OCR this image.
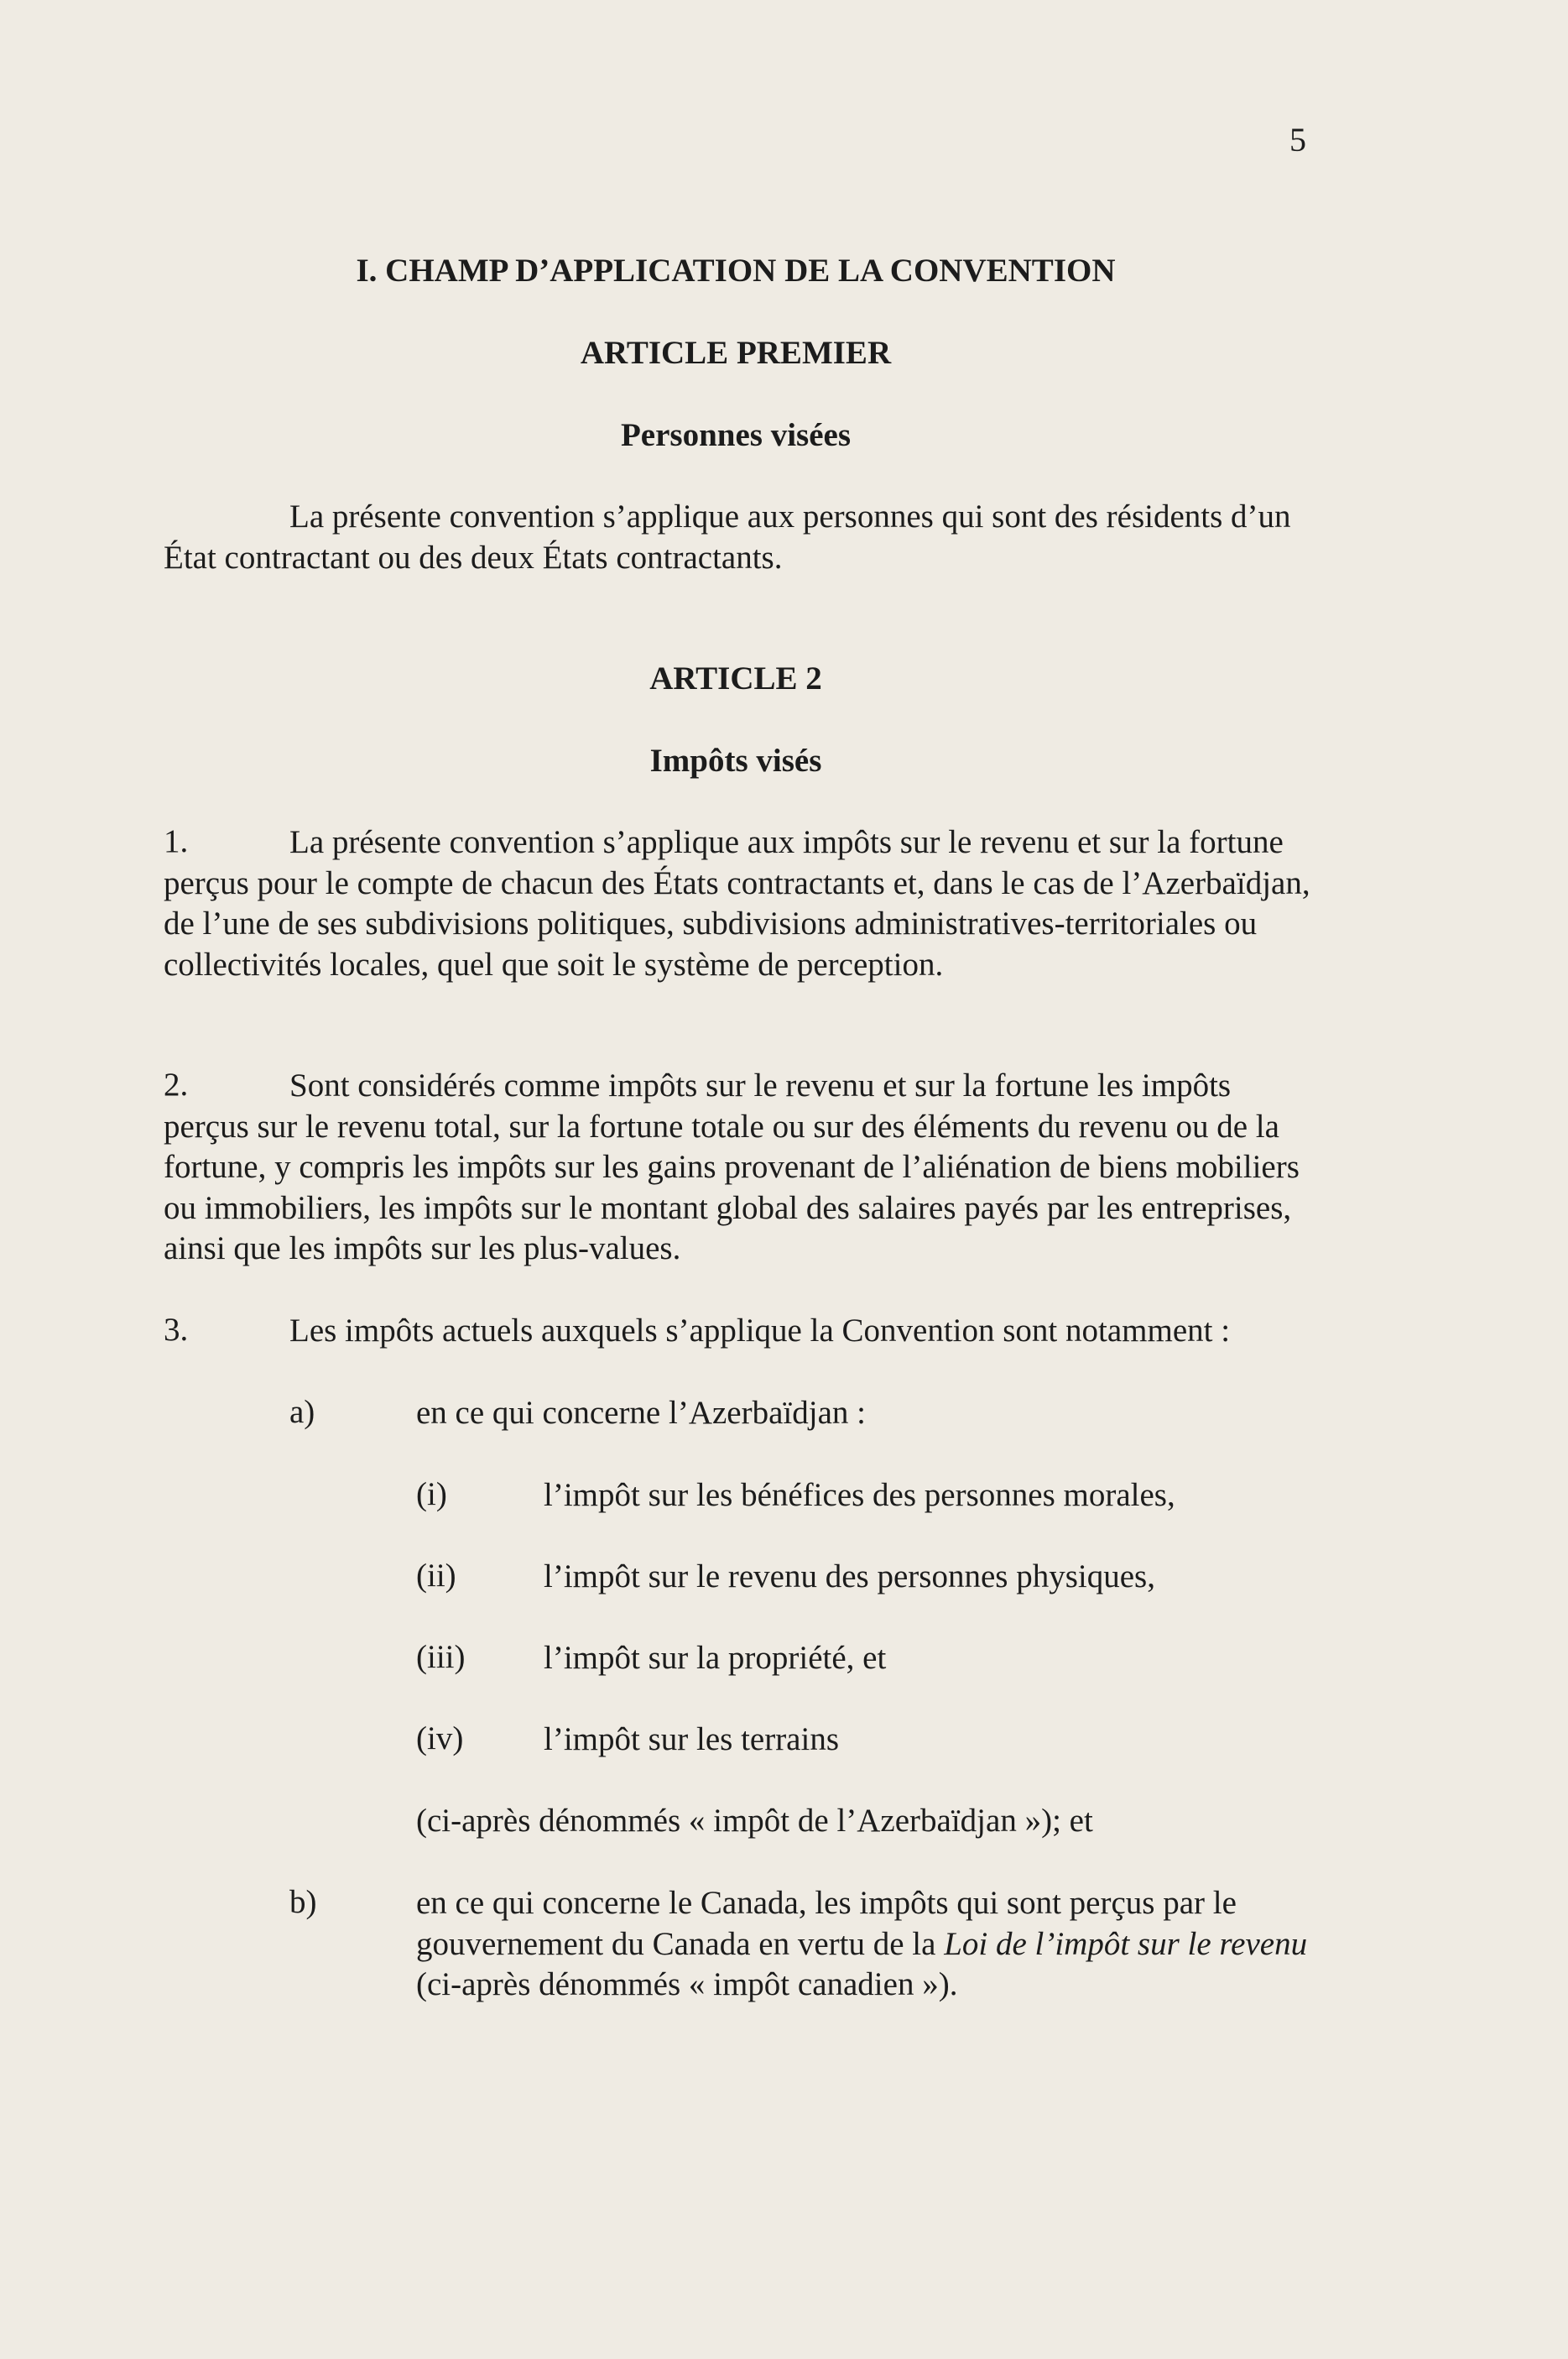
5
I. CHAMP D’APPLICATION DE LA CONVENTION
ARTICLE PREMIER
Personnes visées
La présente convention s’applique aux personnes qui sont des résidents d’un État contractant ou des deux États contractants.
ARTICLE 2
Impôts visés
La présente convention s’applique aux impôts sur le revenu et sur la fortune perçus pour le compte de chacun des États contractants et, dans le cas de l’Azerbaïdjan, de l’une de ses subdivisions politiques, subdivisions administratives-territoriales ou collectivités locales, quel que soit le système de perception.
1.
Sont considérés comme impôts sur le revenu et sur la fortune les impôts perçus sur le revenu total, sur la fortune totale ou sur des éléments du revenu ou de la fortune, y compris les impôts sur les gains provenant de l’aliénation de biens mobiliers ou immobiliers, les impôts sur le montant global des salaires payés par les entreprises, ainsi que les impôts sur les plus-values.
2.
Les impôts actuels auxquels s’applique la Convention sont notamment :
3.
a)	en ce qui concerne l’Azerbaïdjan :
(i)	l’impôt sur les bénéfices des personnes morales,
(ii)	l’impôt sur le revenu des personnes physiques,
(iii) l’impôt sur la propriété, et
(iv) l’impôt sur les terrains
(ci-après dénommés « impôt de l’Azerbaïdjan »); et
b)	en ce qui concerne le Canada, les impôts qui sont perçus par le gouvernement du Canada en vertu de la Loi de l’impôt sur le revenu (ci-après dénommés « impôt canadien »).
